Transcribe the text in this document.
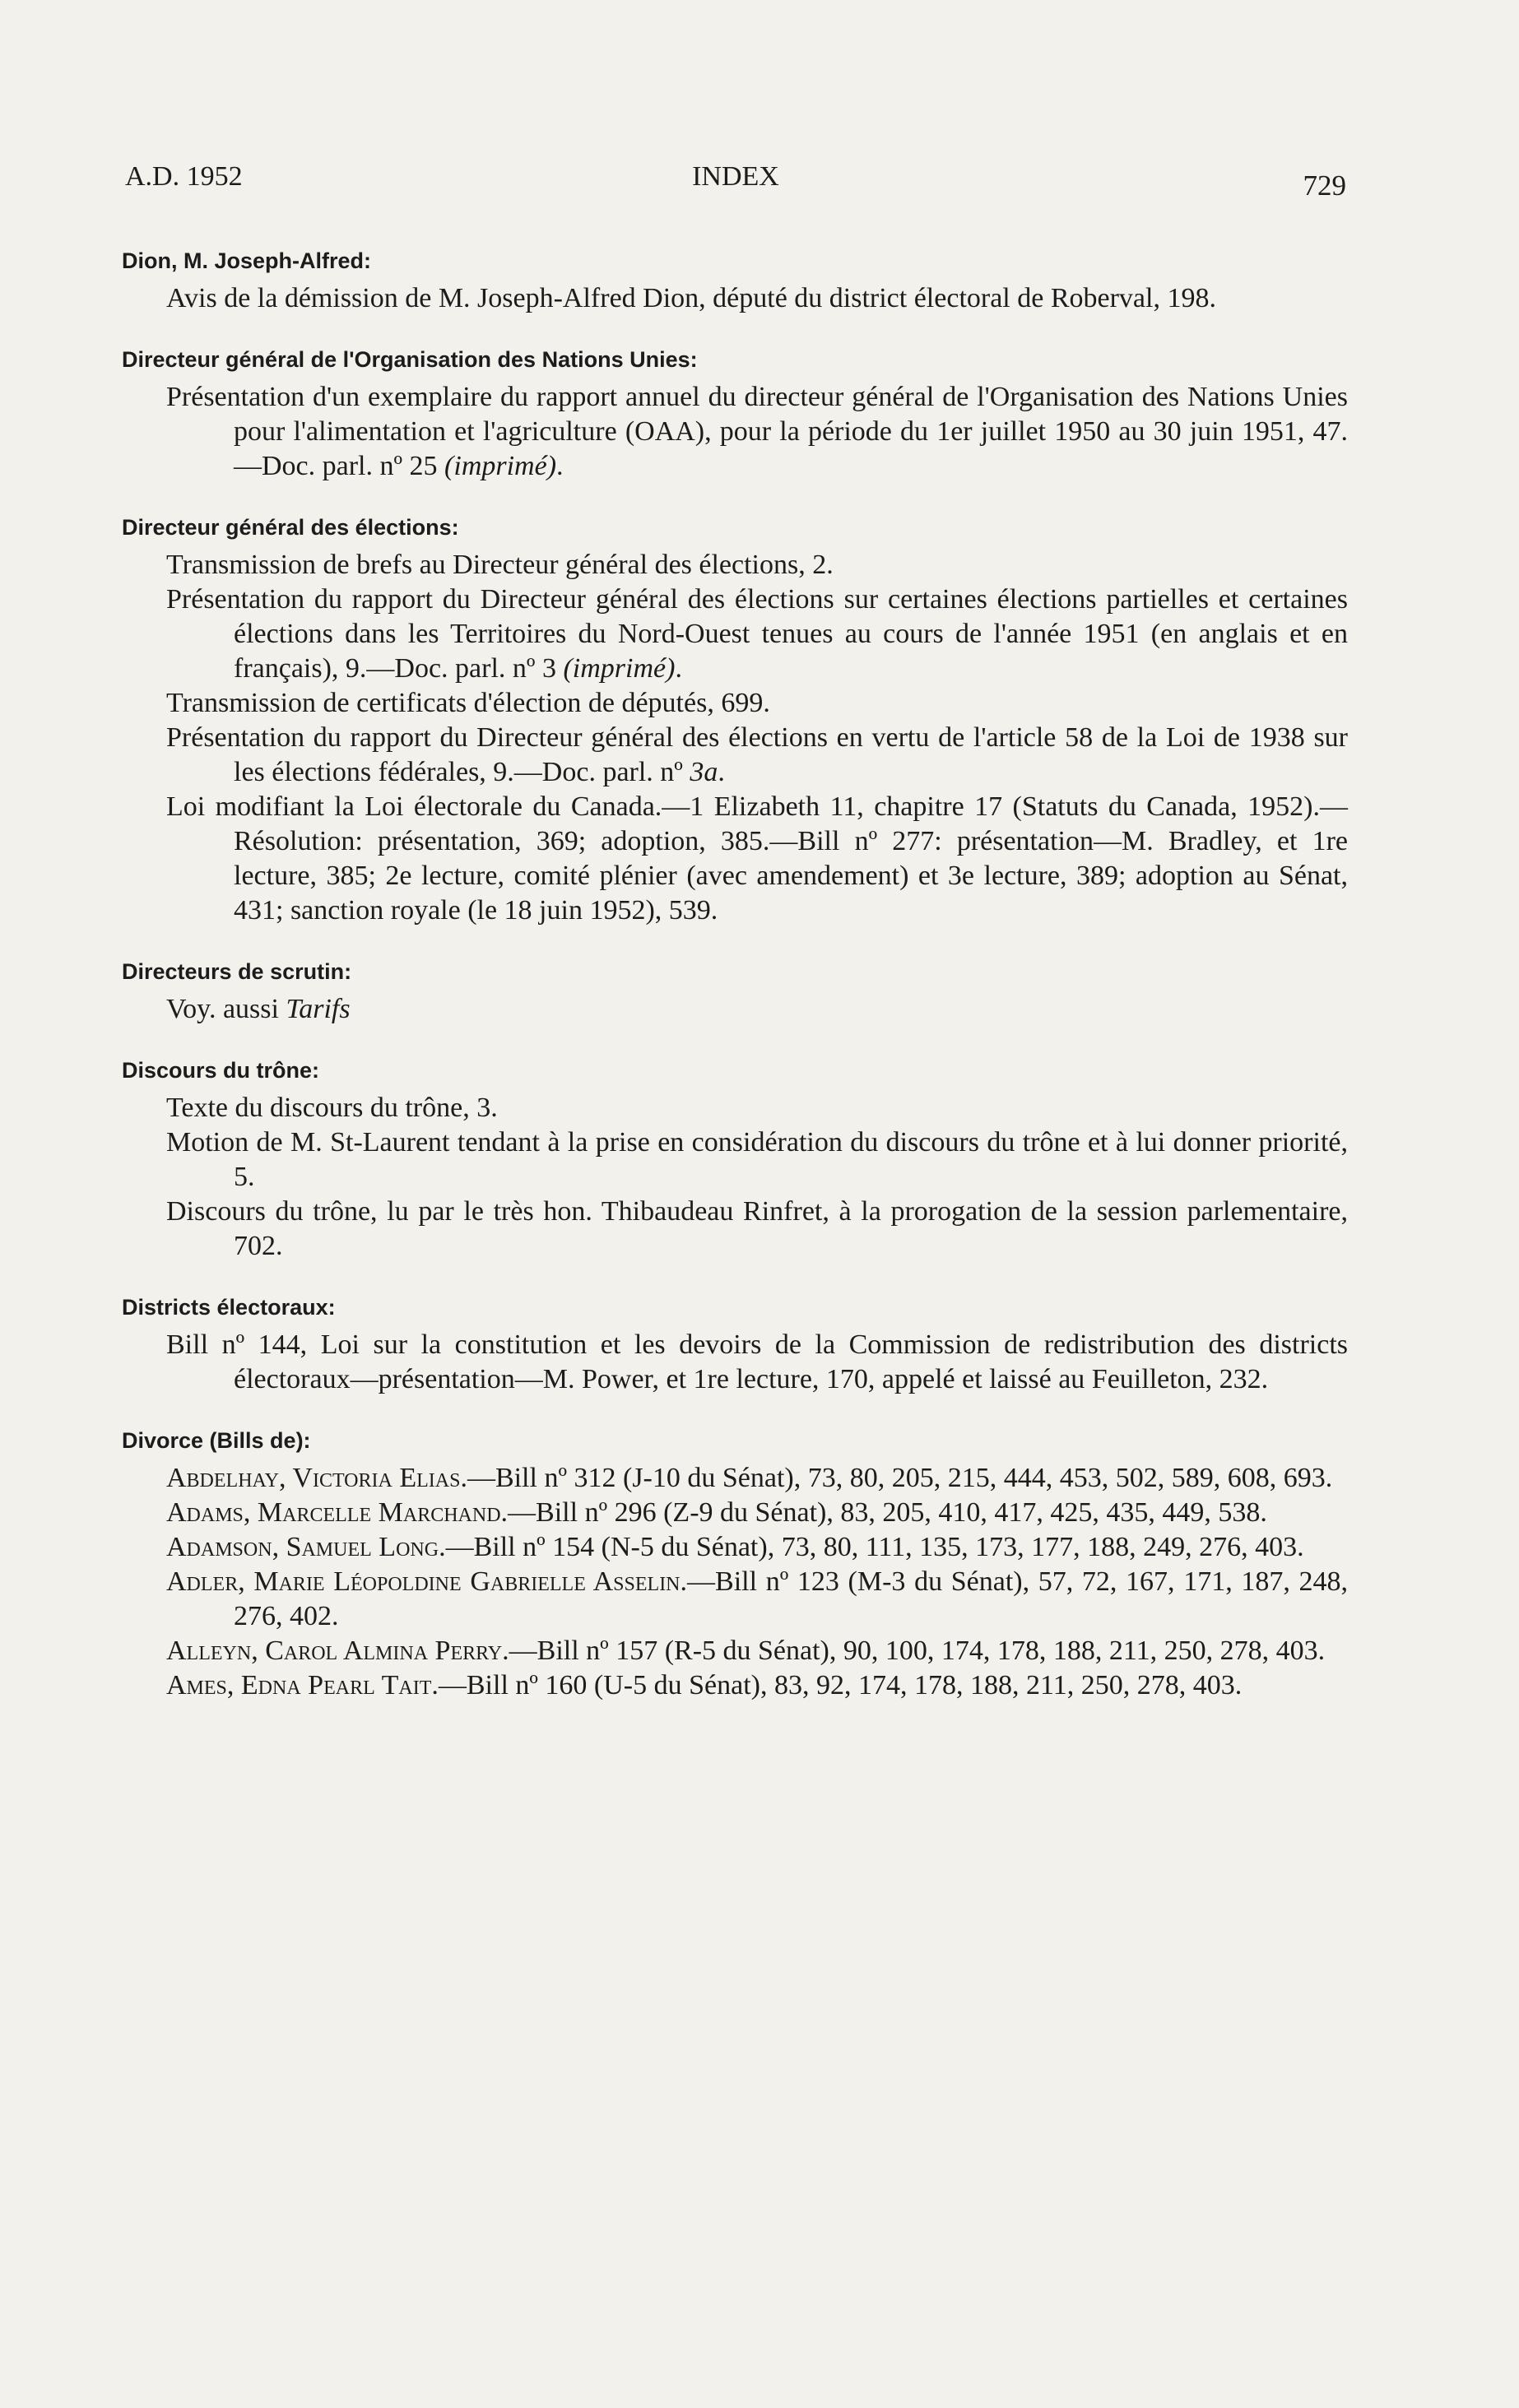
A.D. 1952	INDEX	729

Dion, M. Joseph-Alfred:

Avis de la démission de M. Joseph-Alfred Dion, député du district électoral de Roberval, 198.

Directeur général de l'Organisation des Nations Unies:

Présentation d'un exemplaire du rapport annuel du directeur général de l'Organisation des Nations Unies pour l'alimentation et l'agriculture (OAA), pour la période du 1er juillet 1950 au 30 juin 1951, 47.—Doc. parl. nº 25 (imprimé).

Directeur général des élections:

Transmission de brefs au Directeur général des élections, 2.

Présentation du rapport du Directeur général des élections sur certaines élections partielles et certaines élections dans les Territoires du Nord-Ouest tenues au cours de l'année 1951 (en anglais et en français), 9.—Doc. parl. nº 3 (imprimé).

Transmission de certificats d'élection de députés, 699.

Présentation du rapport du Directeur général des élections en vertu de l'article 58 de la Loi de 1938 sur les élections fédérales, 9.—Doc. parl. nº 3a.

Loi modifiant la Loi électorale du Canada.—1 Elizabeth 11, chapitre 17 (Statuts du Canada, 1952).—Résolution: présentation, 369; adoption, 385.—Bill nº 277: présentation—M. Bradley, et 1re lecture, 385; 2e lecture, comité plénier (avec amendement) et 3e lecture, 389; adoption au Sénat, 431; sanction royale (le 18 juin 1952), 539.

Directeurs de scrutin:

Voy. aussi Tarifs

Discours du trône:

Texte du discours du trône, 3.

Motion de M. St-Laurent tendant à la prise en considération du discours du trône et à lui donner priorité, 5.

Discours du trône, lu par le très hon. Thibaudeau Rinfret, à la prorogation de la session parlementaire, 702.

Districts électoraux:

Bill nº 144, Loi sur la constitution et les devoirs de la Commission de redistribution des districts électoraux—présentation—M. Power, et 1re lecture, 170, appelé et laissé au Feuilleton, 232.

Divorce (Bills de):

Abdelhay, Victoria Elias.—Bill nº 312 (J-10 du Sénat), 73, 80, 205, 215, 444, 453, 502, 589, 608, 693.

Adams, Marcelle Marchand.—Bill nº 296 (Z-9 du Sénat), 83, 205, 410, 417, 425, 435, 449, 538.

Adamson, Samuel Long.—Bill nº 154 (N-5 du Sénat), 73, 80, 111, 135, 173, 177, 188, 249, 276, 403.

Adler, Marie Léopoldine Gabrielle Asselin.—Bill nº 123 (M-3 du Sénat), 57, 72, 167, 171, 187, 248, 276, 402.

Alleyn, Carol Almina Perry.—Bill nº 157 (R-5 du Sénat), 90, 100, 174, 178, 188, 211, 250, 278, 403.

Ames, Edna Pearl Tait.—Bill nº 160 (U-5 du Sénat), 83, 92, 174, 178, 188, 211, 250, 278, 403.
